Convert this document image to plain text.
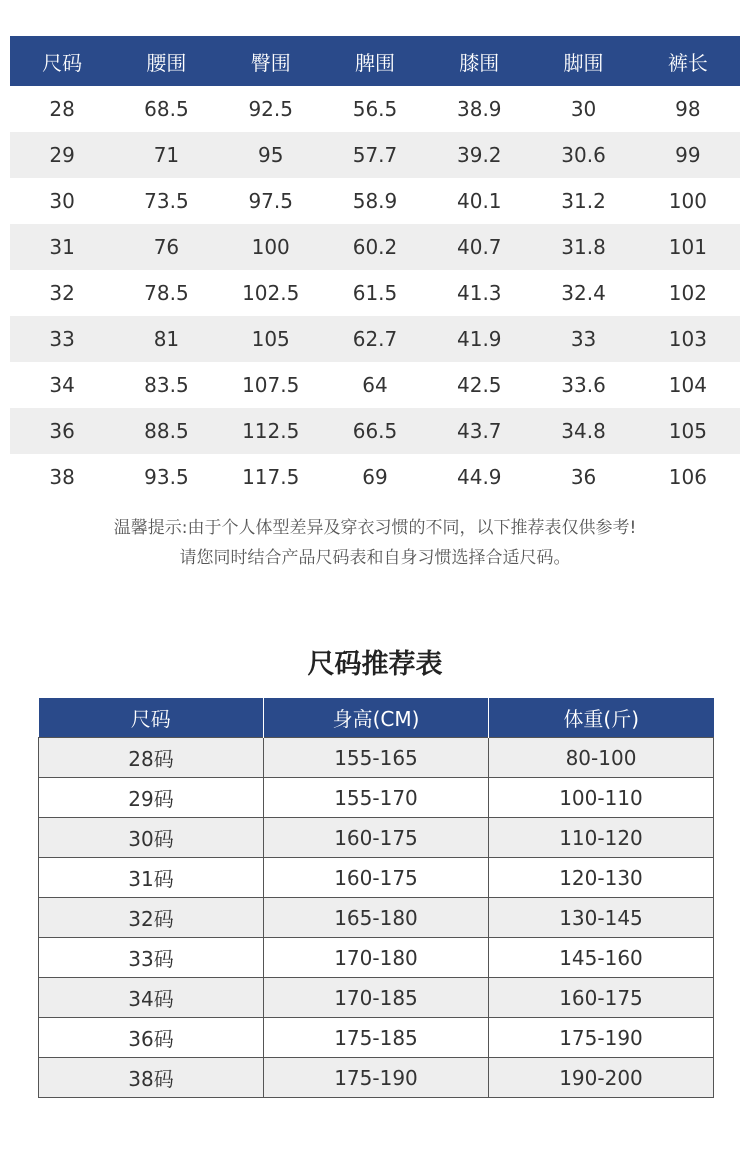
尺码	腰围	臀围	脾围	膝围	脚围	裤长
28	68.5	92.5	56.5	38.9	30	98
29	71	95	57.7	39.2	30.6	99
30	73.5	97.5	58.9	40.1	31.2	100
31	76	100	60.2	40.7	31.8	101
32	78.5	102.5	61.5	41.3	32.4	102
33	81	105	62.7	41.9	33	103
34	83.5	107.5	64	42.5	33.6	104
36	88.5	112.5	66.5	43.7	34.8	105
38	93.5	117.5	69	44.9	36	106
温馨提示:由于个人体型差异及穿衣习惯的不同，以下推荐表仅供参考!
请您同时结合产品尺码表和自身习惯选择合适尺码。
尺码推荐表
尺码	身高(CM)	体重(斤)
28码	155-165	80-100
29码	155-170	100-110
30码	160-175	110-120
31码	160-175	120-130
32码	165-180	130-145
33码	170-180	145-160
34码	170-185	160-175
36码	175-185	175-190
38码	175-190	190-200
